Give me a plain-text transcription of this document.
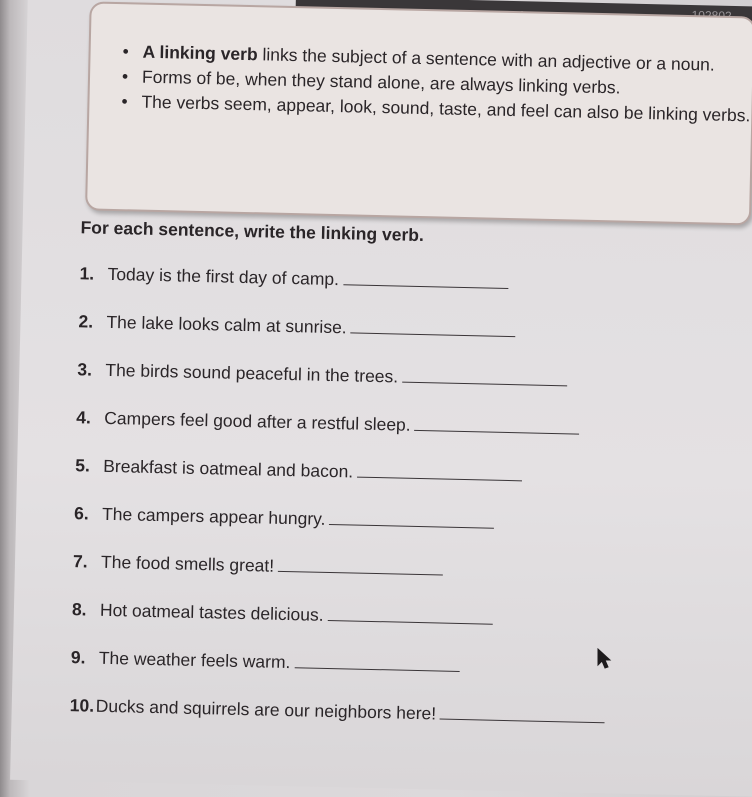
• A linking verb links the subject of a sentence with an adjective or a noun.
• Forms of be, when they stand alone, are always linking verbs.
• The verbs seem, appear, look, sound, taste, and feel can also be linking verbs.
For each sentence, write the linking verb.
1. Today is the first day of camp.
2. The lake looks calm at sunrise.
3. The birds sound peaceful in the trees.
4. Campers feel good after a restful sleep.
5. Breakfast is oatmeal and bacon.
6. The campers appear hungry.
7. The food smells great!
8. Hot oatmeal tastes delicious.
9. The weather feels warm.
10.Ducks and squirrels are our neighbors here!
